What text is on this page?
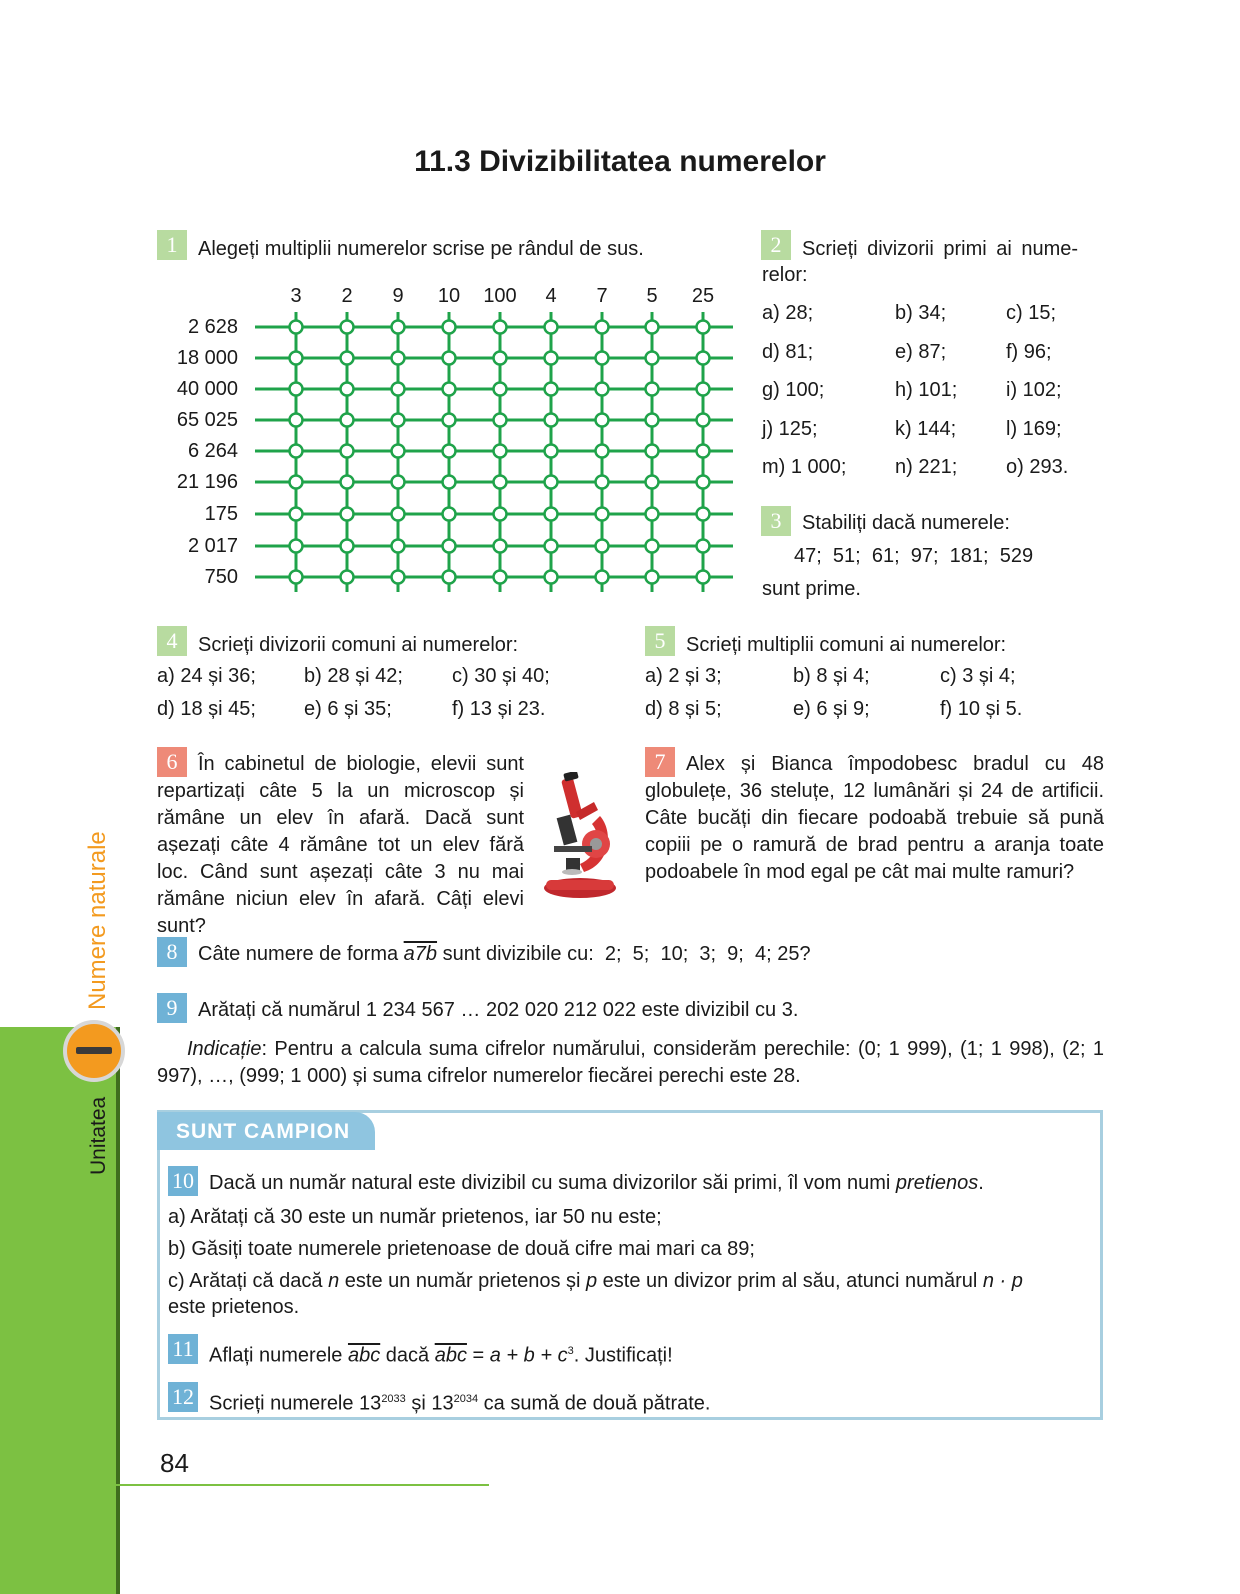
11.3 Divizibilitatea numerelor
1	Alegeți multiplii numerelor scrise pe rândul de sus.
3	2	9	10	100	4	7	5	25
2 628
18 000
40 000
65 025
6 264
21 196
175
2 017
750
2	Scrieți divizorii primi ai nume-
relor:
a) 28;	b) 34;	c) 15;
d) 81;	e) 87;	f) 96;
g) 100;	h) 101; i) 102;
j) 125;	k) 144; l) 169;
m) 1 000; n) 221; o) 293.
3	Stabiliți dacă numerele:
47;  51;  61;  97;  181;  529
sunt prime.
4	Scrieți divizorii comuni ai numerelor:
a) 24 și 36; b) 28 și 42; c) 30 și 40;
d) 18 și 45; e) 6 și 35;	f) 13 și 23.
5	Scrieți multiplii comuni ai numerelor:
a) 2 și 3;	b) 8 și 4;	c) 3 și 4;
d) 8 și 5;	e) 6 și 9;	f) 10 și 5.
6	În cabinetul de biologie, elevii sunt repartizați câte 5 la un microscop și rămâne un elev în afară. Dacă sunt așezați câte 4 rămâne tot un elev fără loc. Când sunt așezați câte 3 nu mai rămâne niciun elev în afară. Câți elevi sunt?
7	Alex și Bianca împodobesc bradul cu 48 globulețe, 36 steluțe, 12 lumânări și 24 de artificii. Câte bucăți din fiecare podoabă trebuie să pună copiii pe o ramură de brad pentru a aranja toate podoabele în mod egal pe cât mai multe ramuri?
8	Câte numere de forma a7b sunt divizibile cu:  2;  5;  10;  3;  9;  4; 25?
9	Arătați că numărul 1 234 567 … 202 020 212 022 este divizibil cu 3.
Indicație: Pentru a calcula suma cifrelor numărului, considerăm perechile: (0; 1 999), (1; 1 998), (2; 1 997), …, (999; 1 000) și suma cifrelor numerelor fiecărei perechi este 28.
SUNT CAMPION
10 Dacă un număr natural este divizibil cu suma divizorilor săi primi, îl vom numi pretienos.
a) Arătați că 30 este un număr prietenos, iar 50 nu este;
b) Găsiți toate numerele prietenoase de două cifre mai mari ca 89;
c) Arătați că dacă n este un număr prietenos și p este un divizor prim al său, atunci numărul n · p
este prietenos.
11 Aflați numerele $\overline{abc}$ dacă $\overline{abc} = a + b + c^3$. Justificați!
12 Scrieți numerele $13^{2033}$ și $13^{2034}$ ca sumă de două pătrate.
Numere naturale
Unitatea
84
